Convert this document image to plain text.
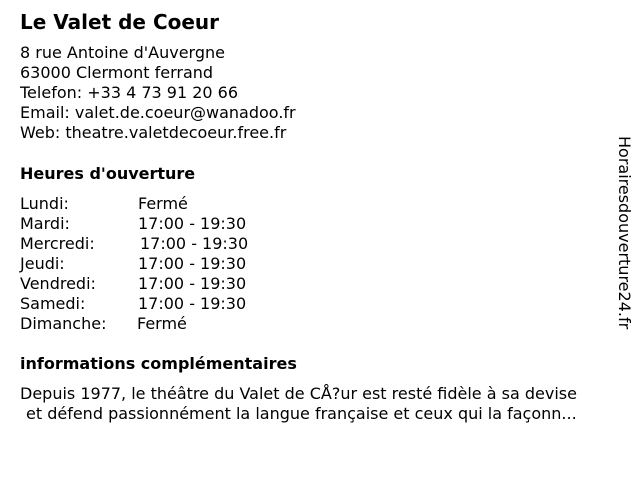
Le Valet de Coeur
8 rue Antoine d'Auvergne
63000 Clermont ferrand
Telefon: +33 4 73 91 20 66
Email: valet.de.coeur@wanadoo.fr
Web: theatre.valetdecoeur.free.fr
Heures d'ouverture
Lundi:	Fermé
Mardi:	17:00 - 19:30
Mercredi:	17:00 - 19:30
Jeudi:	17:00 - 19:30
Vendredi:	17:00 - 19:30
Samedi:	17:00 - 19:30
Dimanche: Fermé
informations complémentaires
Depuis 1977, le théâtre du Valet de CÅ?ur est resté fidèle à sa devise
et défend passionnément la langue française et ceux qui la façonn...
Horairesdouverture24.fr
